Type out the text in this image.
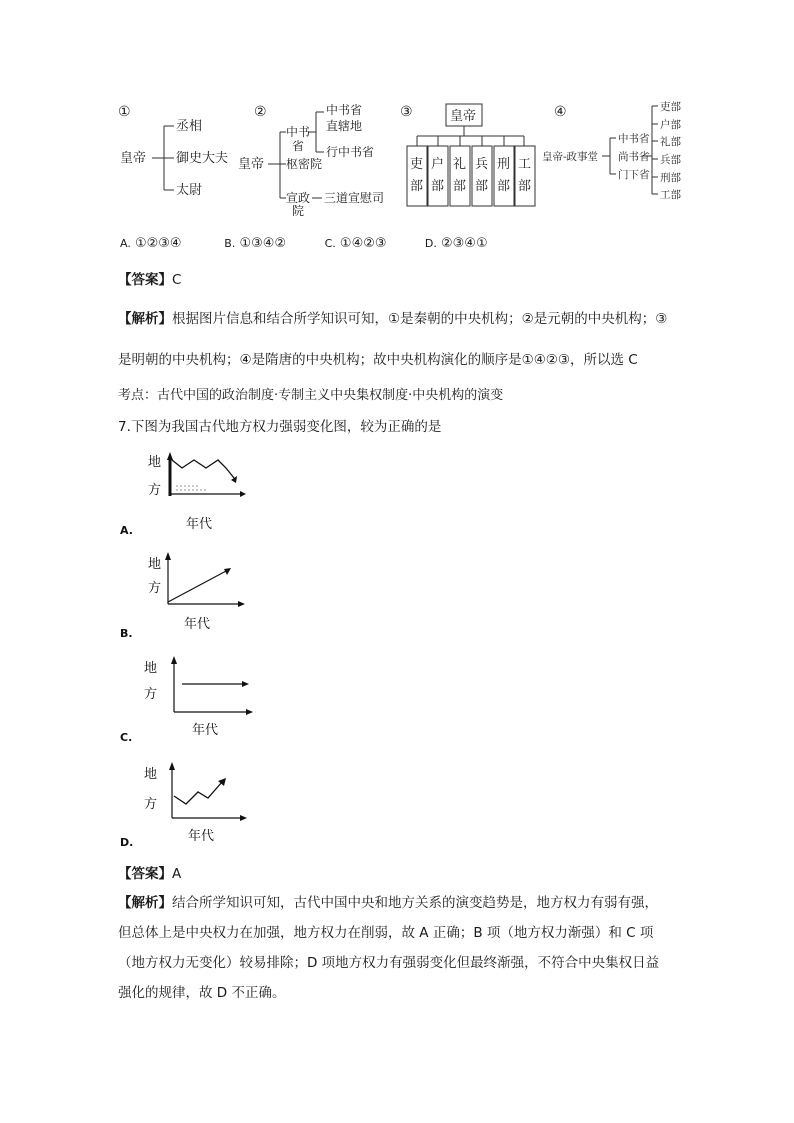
①
皇帝
丞相
御史大夫
太尉
②
皇帝
中书
省
中书省
直辖地
行中书省
枢密院
宣政
院
三道宣慰司
③	皇帝
吏
部
户
部
礼
部
兵
部
刑
部
工
部
④
皇帝-政事堂
中书省
尚书省
门下省
吏部
户部
礼部
兵部
刑部
工部
A. ①②③④	B. ①③④②	C. ①④②③	D. ②③④①
【答案】C
【解析】根据图片信息和结合所学知识可知，①是秦朝的中央机构；②是元朝的中央机构；③
是明朝的中央机构；④是隋唐的中央机构；故中央机构演化的顺序是①④②③，所以选 C
考点：古代中国的政治制度·专制主义中央集权制度·中央机构的演变
7.下图为我国古代地方权力强弱变化图，较为正确的是
地
方
年代
A.
地
方
年代
B.
地
方
年代
C.
地
方
年代
D.
【答案】A
【解析】结合所学知识可知，古代中国中央和地方关系的演变趋势是，地方权力有弱有强，
但总体上是中央权力在加强，地方权力在削弱，故 A 正确；B 项（地方权力渐强）和 C 项
（地方权力无变化）较易排除；D 项地方权力有强弱变化但最终渐强，不符合中央集权日益
强化的规律，故 D 不正确。
